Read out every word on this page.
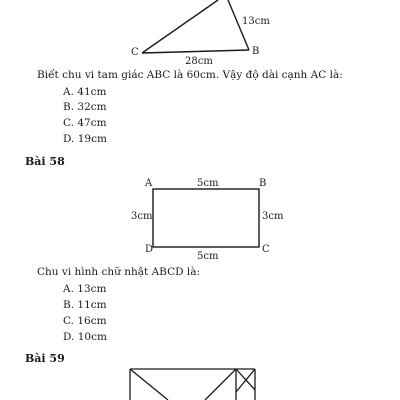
C	B
13cm
28cm
Biết chu vi tam giác ABC là 60cm. Vậy độ dài cạnh AC là:
A. 41cm
B. 32cm
C. 47cm
D. 19cm
Bài 58
A	B
C
D
5cm
5cm
3cm	3cm
Chu vi hình chữ nhật ABCD là:
A. 13cm
B. 11cm
C. 16cm
D. 10cm
Bài 59
